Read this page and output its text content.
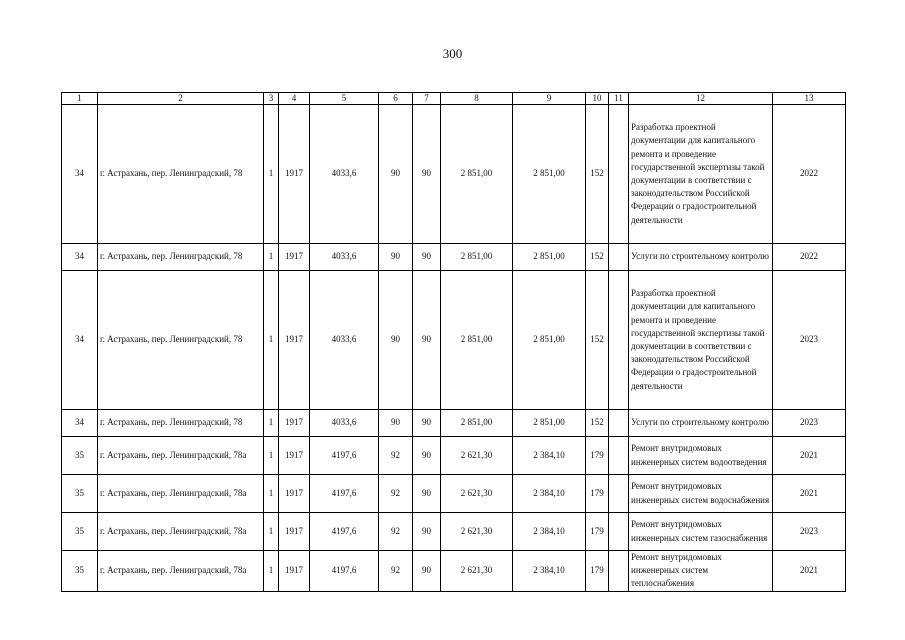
300
1	2	3	4	5	6	7	8	9	10	11	12	13
34	г. Астрахань, пер. Ленинградский, 78	1	1917	4033,6	90	90	2 851,00	2 851,00	152		Разработка проектной документации для капитального ремонта и проведение государственной экспертизы такой документации в соответствии с законодательством Российской Федерации о градостроительной деятельности	2022
34	г. Астрахань, пер. Ленинградский, 78	1	1917	4033,6	90	90	2 851,00	2 851,00	152		Услуги по строительному контролю	2022
34	г. Астрахань, пер. Ленинградский, 78	1	1917	4033,6	90	90	2 851,00	2 851,00	152		Разработка проектной документации для капитального ремонта и проведение государственной экспертизы такой документации в соответствии с законодательством Российской Федерации о градостроительной деятельности	2023
34	г. Астрахань, пер. Ленинградский, 78	1	1917	4033,6	90	90	2 851,00	2 851,00	152		Услуги по строительному контролю	2023
35	г. Астрахань, пер. Ленинградский, 78а	1	1917	4197,6	92	90	2 621,30	2 384,10	179		Ремонт внутридомовых инженерных систем водоотведения	2021
35	г. Астрахань, пер. Ленинградский, 78а	1	1917	4197,6	92	90	2 621,30	2 384,10	179		Ремонт внутридомовых инженерных систем водоснабжения	2021
35	г. Астрахань, пер. Ленинградский, 78а	1	1917	4197,6	92	90	2 621,30	2 384,10	179		Ремонт внутридомовых инженерных систем газоснабжения	2023
35	г. Астрахань, пер. Ленинградский, 78а	1	1917	4197,6	92	90	2 621,30	2 384,10	179		Ремонт внутридомовых инженерных систем теплоснабжения	2021
